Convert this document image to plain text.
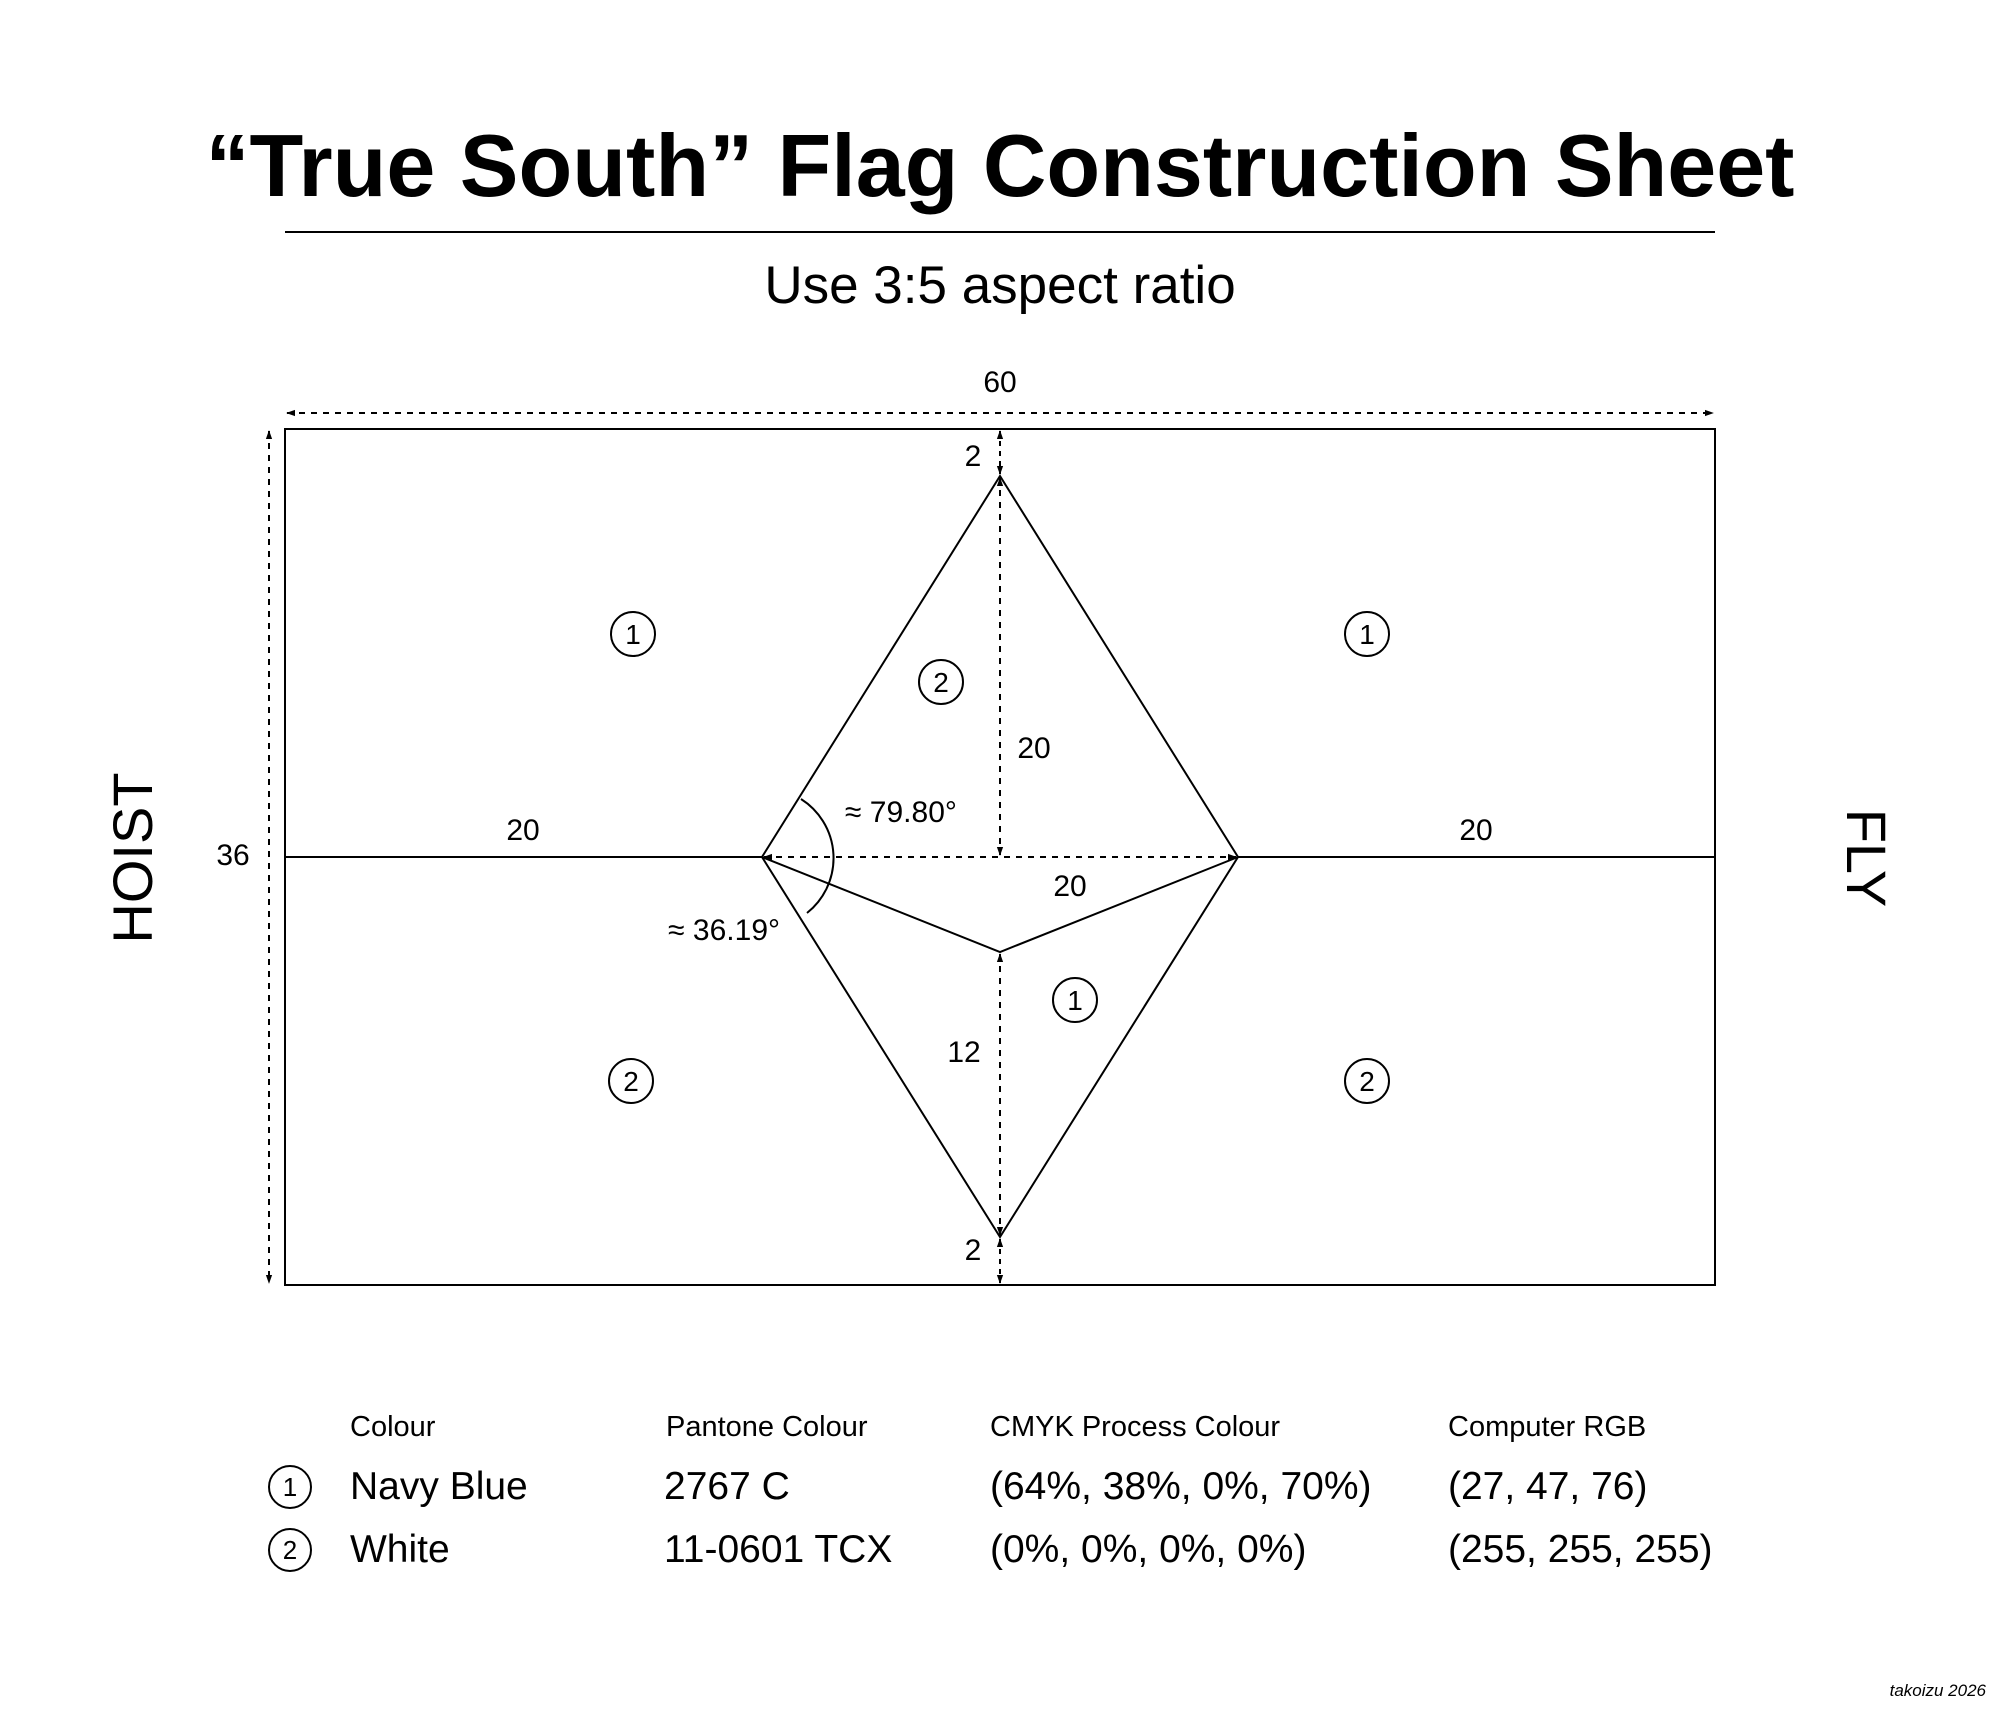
“True South” Flag Construction Sheet
Use 3:5 aspect ratio
HOIST	FLY
60
36
2
20
20
12
2
20	20
≈ 79.80°
≈ 36.19°
1	1
2
1
2	2
Colour	Pantone Colour	CMYK Process Colour	Computer RGB
1	Navy Blue	2767 C	(64%, 38%, 0%, 70%) (27, 47, 76)
2	White	11-0601 TCX	(0%, 0%, 0%, 0%)	(255, 255, 255)
takoizu 2026
